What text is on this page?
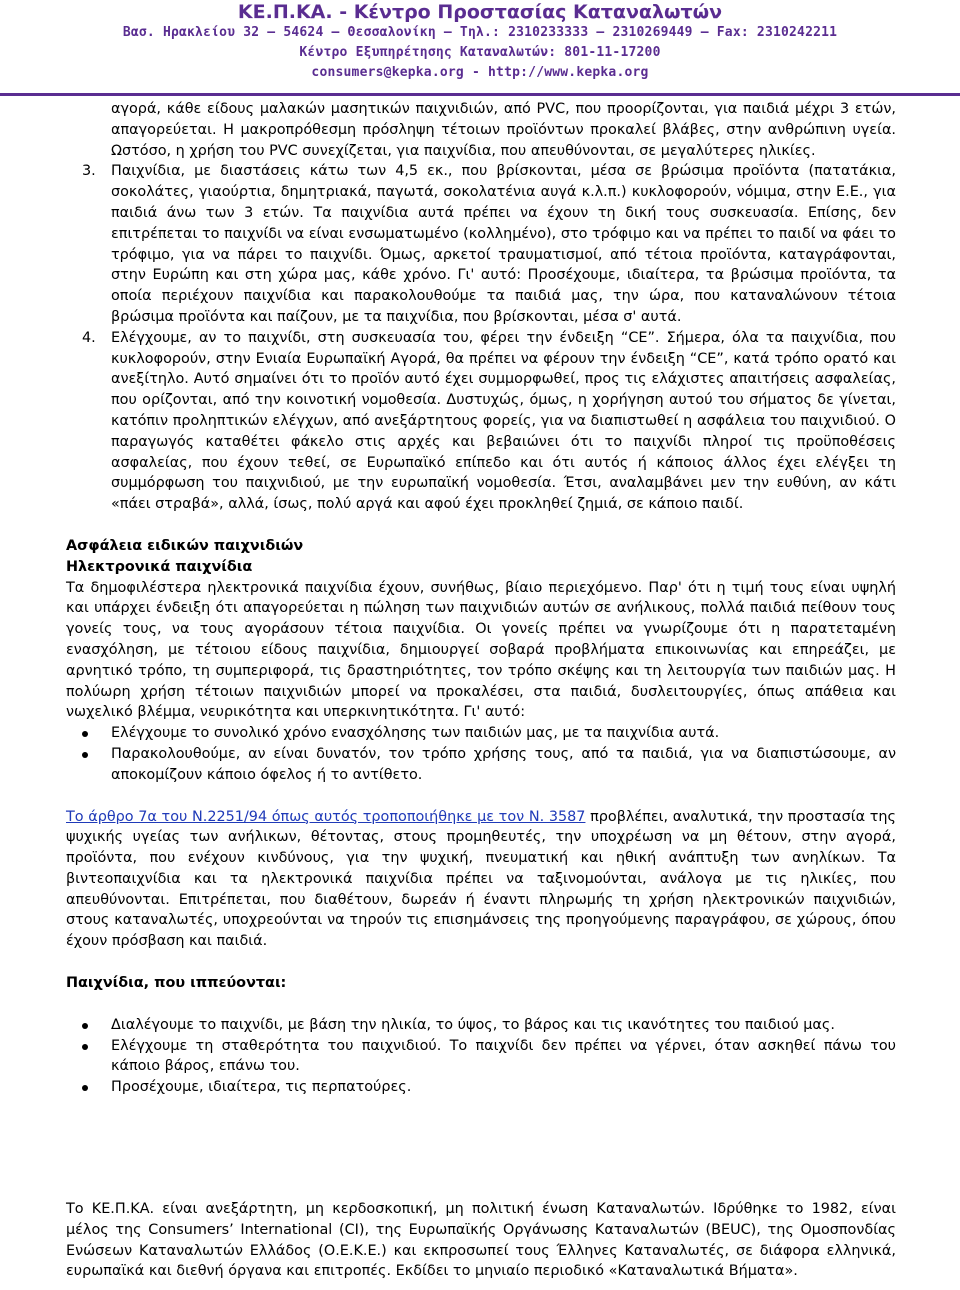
ΚΕ.Π.ΚΑ. - Κέντρο Προστασίας Καταναλωτών
Βασ. Ηρακλείου 32 – 54624 – Θεσσαλονίκη – Τηλ.: 2310233333 – 2310269449 – Fax: 2310242211
Κέντρο Εξυπηρέτησης Καταναλωτών: 801-11-17200
consumers@kepka.org - http://www.kepka.org
αγορά, κάθε είδους μαλακών μασητικών παιχνιδιών, από PVC, που προορίζονται, για παιδιά μέχρι 3 ετών, απαγορεύεται. Η μακροπρόθεσμη πρόσληψη τέτοιων προϊόντων προκαλεί βλάβες, στην ανθρώπινη υγεία. Ωστόσο, η χρήση του PVC συνεχίζεται, για παιχνίδια, που απευθύνονται, σε μεγαλύτερες ηλικίες.
3. Παιχνίδια, με διαστάσεις κάτω των 4,5 εκ., που βρίσκονται, μέσα σε βρώσιμα προϊόντα (πατατάκια, σοκολάτες, γιαούρτια, δημητριακά, παγωτά, σοκολατένια αυγά κ.λ.π.) κυκλοφορούν, νόμιμα, στην Ε.Ε., για παιδιά άνω των 3 ετών. Τα παιχνίδια αυτά πρέπει να έχουν τη δική τους συσκευασία. Επίσης, δεν επιτρέπεται το παιχνίδι να είναι ενσωματωμένο (κολλημένο), στο τρόφιμο και να πρέπει το παιδί να φάει το τρόφιμο, για να πάρει το παιχνίδι. Όμως, αρκετοί τραυματισμοί, από τέτοια προϊόντα, καταγράφονται, στην Ευρώπη και στη χώρα μας, κάθε χρόνο. Γι' αυτό: Προσέχουμε, ιδιαίτερα, τα βρώσιμα προϊόντα, τα οποία περιέχουν παιχνίδια και παρακολουθούμε τα παιδιά μας, την ώρα, που καταναλώνουν τέτοια βρώσιμα προϊόντα και παίζουν, με τα παιχνίδια, που βρίσκονται, μέσα σ' αυτά.
4. Ελέγχουμε, αν το παιχνίδι, στη συσκευασία του, φέρει την ένδειξη “CE”. Σήμερα, όλα τα παιχνίδια, που κυκλοφορούν, στην Ενιαία Ευρωπαϊκή Αγορά, θα πρέπει να φέρουν την ένδειξη “CE”, κατά τρόπο ορατό και ανεξίτηλο. Αυτό σημαίνει ότι το προϊόν αυτό έχει συμμορφωθεί, προς τις ελάχιστες απαιτήσεις ασφαλείας, που ορίζονται, από την κοινοτική νομοθεσία. Δυστυχώς, όμως, η χορήγηση αυτού του σήματος δε γίνεται, κατόπιν προληπτικών ελέγχων, από ανεξάρτητους φορείς, για να διαπιστωθεί η ασφάλεια του παιχνιδιού. Ο παραγωγός καταθέτει φάκελο στις αρχές και βεβαιώνει ότι το παιχνίδι πληροί τις προϋποθέσεις ασφαλείας, που έχουν τεθεί, σε Ευρωπαϊκό επίπεδο και ότι αυτός ή κάποιος άλλος έχει ελέγξει τη συμμόρφωση του παιχνιδιού, με την ευρωπαϊκή νομοθεσία. Έτσι, αναλαμβάνει μεν την ευθύνη, αν κάτι «πάει στραβά», αλλά, ίσως, πολύ αργά και αφού έχει προκληθεί ζημιά, σε κάποιο παιδί.
Ασφάλεια ειδικών παιχνιδιών
Ηλεκτρονικά παιχνίδια
Τα δημοφιλέστερα ηλεκτρονικά παιχνίδια έχουν, συνήθως, βίαιο περιεχόμενο. Παρ' ότι η τιμή τους είναι υψηλή και υπάρχει ένδειξη ότι απαγορεύεται η πώληση των παιχνιδιών αυτών σε ανήλικους, πολλά παιδιά πείθουν τους γονείς τους, να τους αγοράσουν τέτοια παιχνίδια. Οι γονείς πρέπει να γνωρίζουμε ότι η παρατεταμένη ενασχόληση, με τέτοιου είδους παιχνίδια, δημιουργεί σοβαρά προβλήματα επικοινωνίας και επηρεάζει, με αρνητικό τρόπο, τη συμπεριφορά, τις δραστηριότητες, τον τρόπο σκέψης και τη λειτουργία των παιδιών μας. Η πολύωρη χρήση τέτοιων παιχνιδιών μπορεί να προκαλέσει, στα παιδιά, δυσλειτουργίες, όπως απάθεια και νωχελικό βλέμμα, νευρικότητα και υπερκινητικότητα. Γι' αυτό:
Ελέγχουμε το συνολικό χρόνο ενασχόλησης των παιδιών μας, με τα παιχνίδια αυτά.
Παρακολουθούμε, αν είναι δυνατόν, τον τρόπο χρήσης τους, από τα παιδιά, για να διαπιστώσουμε, αν αποκομίζουν κάποιο όφελος ή το αντίθετο.
Το άρθρο 7α του Ν.2251/94 όπως αυτός τροποποιήθηκε με τον Ν. 3587 προβλέπει, αναλυτικά, την προστασία της ψυχικής υγείας των ανήλικων, θέτοντας, στους προμηθευτές, την υποχρέωση να μη θέτουν, στην αγορά, προϊόντα, που ενέχουν κινδύνους, για την ψυχική, πνευματική και ηθική ανάπτυξη των ανηλίκων. Τα βιντεοπαιχνίδια και τα ηλεκτρονικά παιχνίδια πρέπει να ταξινομούνται, ανάλογα με τις ηλικίες, που απευθύνονται. Επιτρέπεται, που διαθέτουν, δωρεάν ή έναντι πληρωμής τη χρήση ηλεκτρονικών παιχνιδιών, στους καταναλωτές, υποχρεούνται να τηρούν τις επισημάνσεις της προηγούμενης παραγράφου, σε χώρους, όπου έχουν πρόσβαση και παιδιά.
Παιχνίδια, που ιππεύονται:
Διαλέγουμε το παιχνίδι, με βάση την ηλικία, το ύψος, το βάρος και τις ικανότητες του παιδιού μας.
Ελέγχουμε τη σταθερότητα του παιχνιδιού. Το παιχνίδι δεν πρέπει να γέρνει, όταν ασκηθεί πάνω του κάποιο βάρος, επάνω του.
Προσέχουμε, ιδιαίτερα, τις περπατούρες.
Το ΚΕ.Π.ΚΑ. είναι ανεξάρτητη, μη κερδοσκοπική, μη πολιτική ένωση Καταναλωτών. Ιδρύθηκε το 1982, είναι μέλος της Consumers’ International (CI), της Ευρωπαϊκής Οργάνωσης Καταναλωτών (BEUC), της Ομοσπονδίας Ενώσεων Καταναλωτών Ελλάδος (Ο.Ε.Κ.Ε.) και εκπροσωπεί τους Έλληνες Καταναλωτές, σε διάφορα ελληνικά, ευρωπαϊκά και διεθνή όργανα και επιτροπές. Εκδίδει το μηνιαίο περιοδικό «Καταναλωτικά Βήματα».
